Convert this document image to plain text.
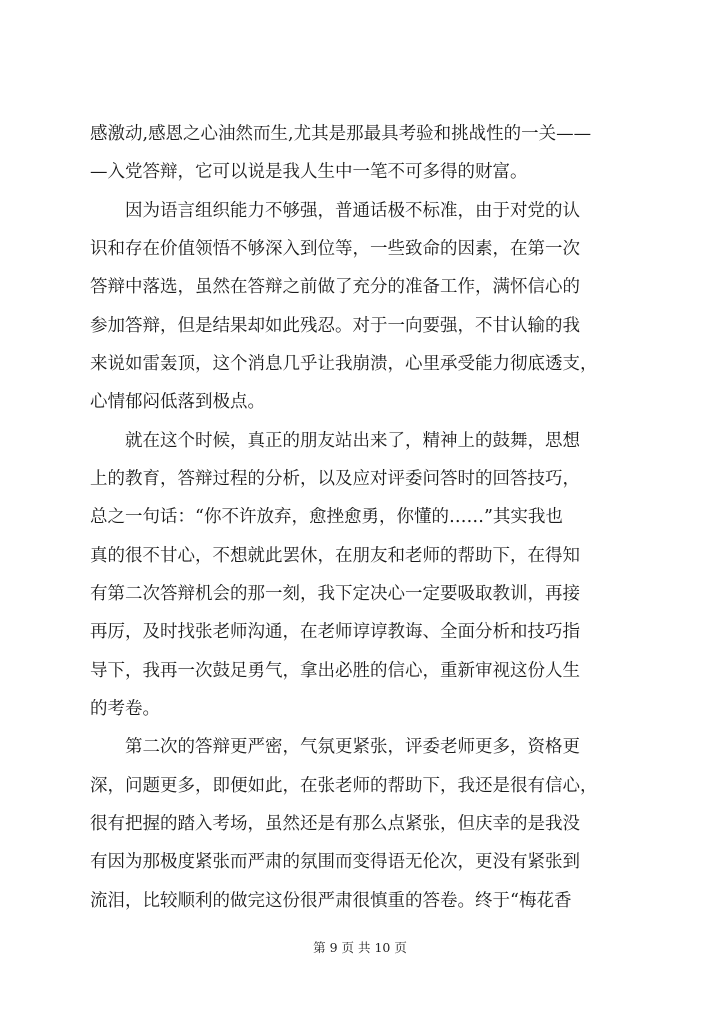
感激动,感恩之心油然而生,尤其是那最具考验和挑战性的一关——
—入党答辩，它可以说是我人生中一笔不可多得的财富。
因为语言组织能力不够强，普通话极不标准，由于对党的认
识和存在价值领悟不够深入到位等，一些致命的因素，在第一次
答辩中落选，虽然在答辩之前做了充分的准备工作，满怀信心的
参加答辩，但是结果却如此残忍。对于一向要强，不甘认输的我
来说如雷轰顶，这个消息几乎让我崩溃，心里承受能力彻底透支，
心情郁闷低落到极点。
就在这个时候，真正的朋友站出来了，精神上的鼓舞，思想
上的教育，答辩过程的分析，以及应对评委问答时的回答技巧，
总之一句话：“你不许放弃，愈挫愈勇，你懂的……”其实我也
真的很不甘心，不想就此罢休，在朋友和老师的帮助下，在得知
有第二次答辩机会的那一刻，我下定决心一定要吸取教训，再接
再厉，及时找张老师沟通，在老师谆谆教诲、全面分析和技巧指
导下，我再一次鼓足勇气，拿出必胜的信心，重新审视这份人生
的考卷。
第二次的答辩更严密，气氛更紧张，评委老师更多，资格更
深，问题更多，即便如此，在张老师的帮助下，我还是很有信心，
很有把握的踏入考场，虽然还是有那么点紧张，但庆幸的是我没
有因为那极度紧张而严肃的氛围而变得语无伦次，更没有紧张到
流泪，比较顺利的做完这份很严肃很慎重的答卷。终于“梅花香
第 9 页 共 10 页
